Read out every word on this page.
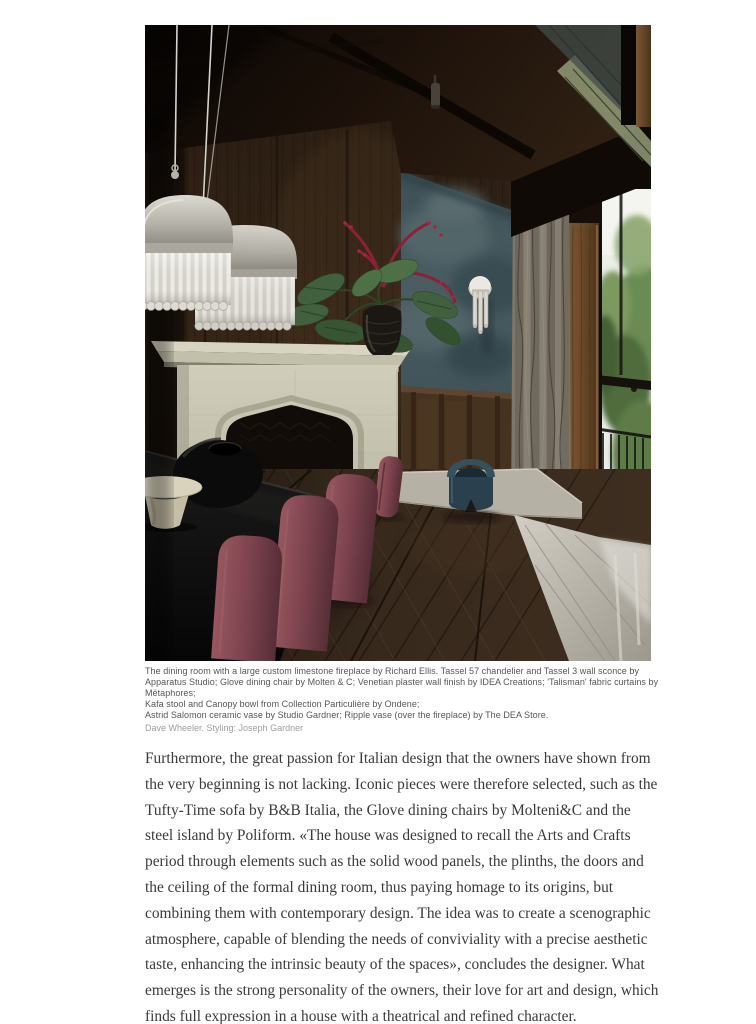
The dining room with a large custom limestone fireplace by Richard Ellis. Tassel 57 chandelier and Tassel 3 wall sconce by Apparatus Studio; Glove dining chair by Molten & C; Venetian plaster wall finish by IDEA Creations; 'Talisman' fabric curtains by Métaphores;
Kafa stool and Canopy bowl from Collection Particulière by Ondene;
Astrid Salomon ceramic vase by Studio Gardner; Ripple vase (over the fireplace) by The DEA Store.
Dave Wheeler. Styling: Joseph Gardner
Furthermore, the great passion for Italian design that the owners have shown from the very beginning is not lacking. Iconic pieces were therefore selected, such as the Tufty-Time sofa by B&B Italia, the Glove dining chairs by Molteni&C and the steel island by Poliform. «The house was designed to recall the Arts and Crafts period through elements such as the solid wood panels, the plinths, the doors and the ceiling of the formal dining room, thus paying homage to its origins, but combining them with contemporary design. The idea was to create a scenographic atmosphere, capable of blending the needs of conviviality with a precise aesthetic taste, enhancing the intrinsic beauty of the spaces», concludes the designer. What emerges is the strong personality of the owners, their love for art and design, which finds full expression in a house with a theatrical and refined character.
